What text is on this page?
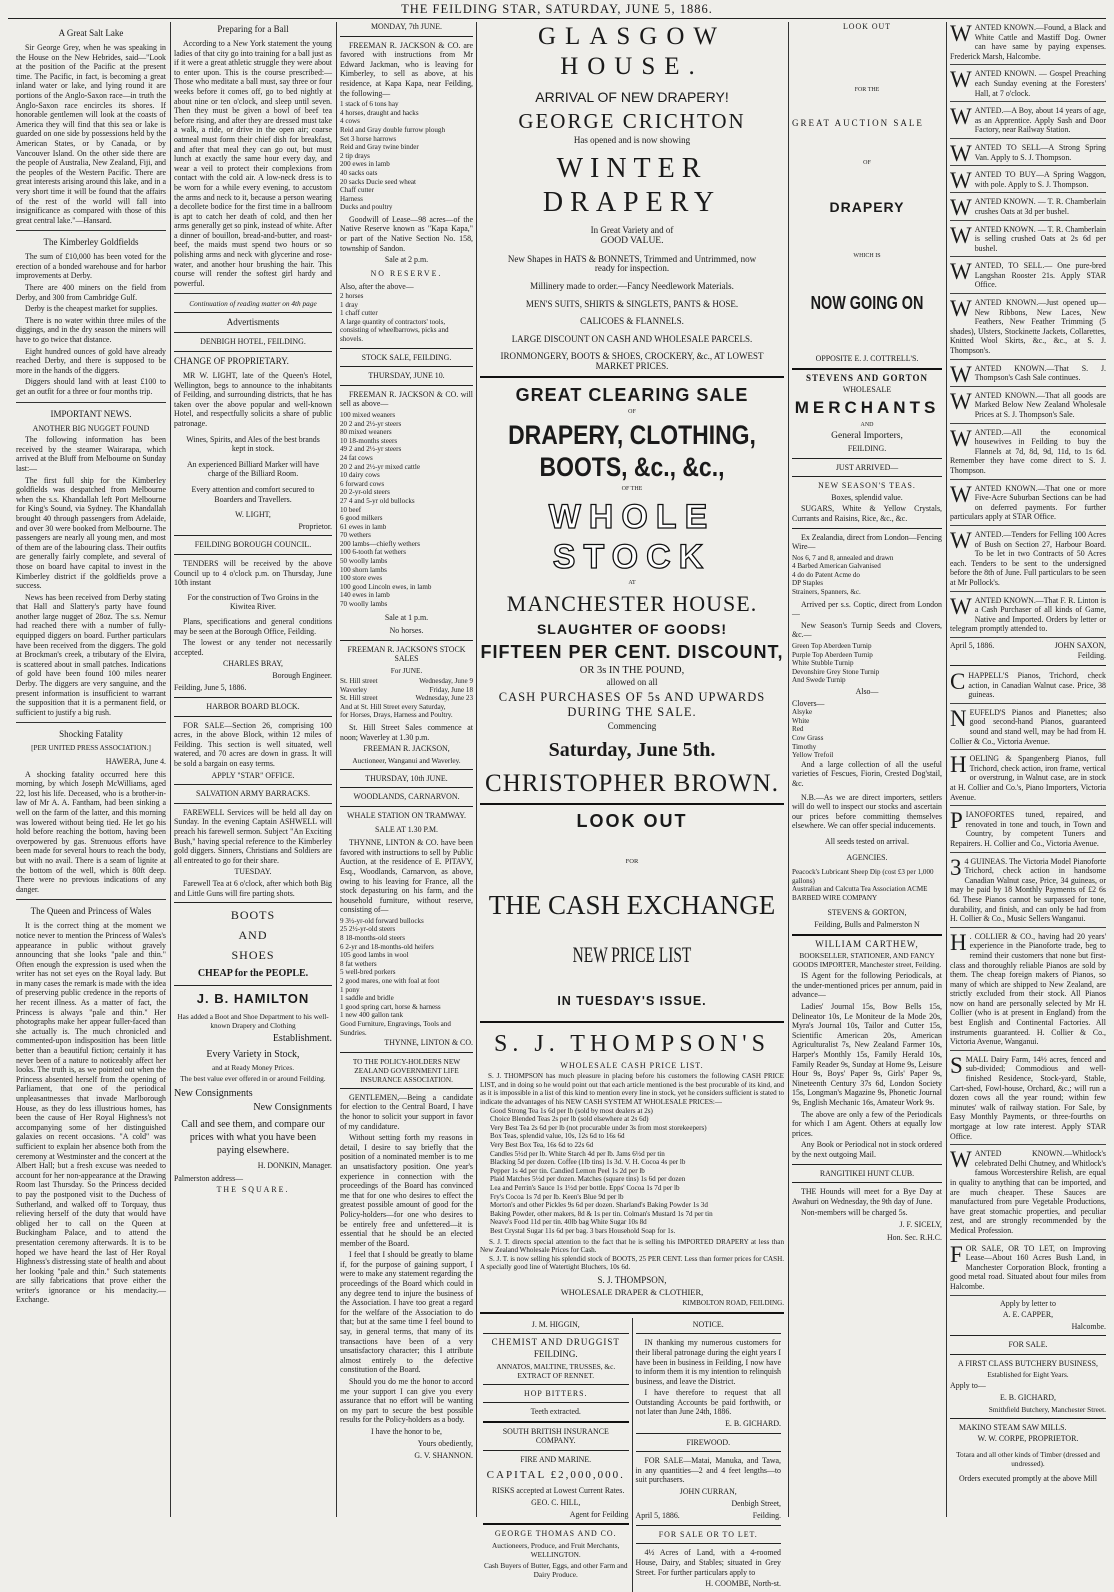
THE FEILDING STAR, SATURDAY, JUNE 5, 1886.
A Great Salt Lake
Sir George Grey, when he was speaking in the House on the New Hebrides, said—"Look at the position of the Pacific at the present time. The Pacific, in fact, is becoming a great inland water or lake, and lying round it are portions of the Anglo-Saxon race—in truth the Anglo-Saxon race encircles its shores. If honorable gentlemen will look at the coasts of America they will find that this sea or lake is guarded on one side by possessions held by the American States, or by Canada, or by Vancouver Island. On the other side there are the people of Australia, New Zealand, Fiji, and the peoples of the Western Pacific. There are great interests arising around this lake, and in a very short time it will be found that the affairs of the rest of the world will fall into insignificance as compared with those of this great central lake."—Hansard.
The Kimberley Goldfields
The sum of £10,000 has been voted for the erection of a bonded warehouse and for harbor improvements at Derby.
There are 400 miners on the field from Derby, and 300 from Cambridge Gulf.
Derby is the cheapest market for supplies.
There is no water within three miles of the diggings, and in the dry season the miners will have to go twice that distance.
Eight hundred ounces of gold have already reached Derby, and there is supposed to be more in the hands of the diggers.
Diggers should land with at least £100 to get an outfit for a three or four months trip.
IMPORTANT NEWS.
ANOTHER BIG NUGGET FOUND
The following information has been received by the steamer Wairarapa, which arrived at the Bluff from Melbourne on Sunday last:—
The first full ship for the Kimberley goldfields was despatched from Melbourne when the s.s. Khandallah left Port Melbourne for King's Sound, via Sydney. The Khandallah brought 40 through passengers from Adelaide, and over 30 were booked from Melbourne. The passengers are nearly all young men, and most of them are of the labouring class. Their outfits are generally fairly complete, and several of those on board have capital to invest in the Kimberley district if the goldfields prove a success.
News has been received from Derby stating that Hall and Slattery's party have found another large nugget of 28oz. The s.s. Nemur had reached there with a number of fully-equipped diggers on board. Further particulars have been received from the diggers. The gold at Brockman's creek, a tributary of the Elvira, is scattered about in small patches. Indications of gold have been found 100 miles nearer Derby. The diggers are very sanguine, and the present information is insufficient to warrant the supposition that it is a permanent field, or sufficient to justify a big rush.
Shocking Fatality
[PER UNITED PRESS ASSOCIATION.]
HAWERA, June 4.
A shocking fatality occurred here this morning, by which Joseph McWilliams, aged 22, lost his life. Deceased, who is a brother-in-law of Mr A. A. Fantham, had been sinking a well on the farm of the latter, and this morning was lowered without being tied. He let go his hold before reaching the bottom, having been overpowered by gas. Strenuous efforts have been made for several hours to reach the body, but with no avail. There is a seam of lignite at the bottom of the well, which is 80ft deep. There were no previous indications of any danger.
The Queen and Princess of Wales
It is the correct thing at the moment we notice never to mention the Princess of Wales's appearance in public without gravely announcing that she looks "pale and thin." Often enough the expression is used when the writer has not set eyes on the Royal lady. But in many cases the remark is made with the idea of preserving public credence in the reports of her recent illness. As a matter of fact, the Princess is always "pale and thin." Her photographs make her appear fuller-faced than she actually is. The much chronicled and commented-upon indisposition has been little better than a beautiful fiction; certainly it has never been of a nature to noticeably affect her looks. The truth is, as we pointed out when the Princess absented herself from the opening of Parliament, that one of the periodical unpleasantnesses that invade Marlborough House, as they do less illustrious homes, has been the cause of Her Royal Highness's not accompanying some of her distinguished galaxies on recent occasions. "A cold" was sufficient to explain her absence both from the ceremony at Westminster and the concert at the Albert Hall; but a fresh excuse was needed to account for her non-appearance at the Drawing Room last Thursday. So the Princess decided to pay the postponed visit to the Duchess of Sutherland, and walked off to Torquay, thus relieving herself of the duty that would have obliged her to call on the Queen at Buckingham Palace, and to attend the presentation ceremony afterwards. It is to be hoped we have heard the last of Her Royal Highness's distressing state of health and about her looking "pale and thin." Such statements are silly fabrications that prove either the writer's ignorance or his mendacity.—Exchange.
Preparing for a Ball
According to a New York statement the young ladies of that city go into training for a ball just as if it were a great athletic struggle they were about to enter upon. This is the course prescribed:—Those who meditate a ball must, say three or four weeks before it comes off, go to bed nightly at about nine or ten o'clock, and sleep until seven. Then they must be given a bowl of beef tea before rising, and after they are dressed must take a walk, a ride, or drive in the open air; coarse oatmeal must form their chief dish for breakfast, and after that meal they can go out, but must lunch at exactly the same hour every day, and wear a veil to protect their complexions from contact with the cold air. A low-neck dress is to be worn for a while every evening, to accustom the arms and neck to it, because a person wearing a decollete bodice for the first time in a ballroom is apt to catch her death of cold, and then her arms generally get so pink, instead of white. After a dinner of bouillon, bread-and-butter, and roast-beef, the maids must spend two hours or so polishing arms and neck with glycerine and rose-water, and another hour brushing the hair. This course will render the softest girl hardy and powerful.
Continuation of reading matter on 4th page
Advertisments
DENBIGH HOTEL, FEILDING.
CHANGE OF PROPRIETARY.
MR W. LIGHT, late of the Queen's Hotel, Wellington, begs to announce to the inhabitants of Feilding, and surrounding districts, that he has taken over the above popular and well-known Hotel, and respectfully solicits a share of public patronage.
Wines, Spirits, and Ales of the best brands kept in stock.
An experienced Billiard Marker will have charge of the Billiard Room.
Every attention and comfort secured to Boarders and Travellers.
W. LIGHT,
Proprietor.
FEILDING BOROUGH COUNCIL.
TENDERS will be received by the above Council up to 4 o'clock p.m. on Thursday, June 10th instant
For the construction of Two Groins in the Kiwitea River.
Plans, specifications and general conditions may be seen at the Borough Office, Feilding.
The lowest or any tender not necessarily accepted.
CHARLES BRAY,
Borough Engineer.
Feilding, June 5, 1886.
HARBOR BOARD BLOCK.
FOR SALE—Section 26, comprising 100 acres, in the above Block, within 12 miles of Feilding. This section is well situated, well watered, and 70 acres are down in grass. It will be sold a bargain on easy terms.
APPLY "STAR" OFFICE.
SALVATION ARMY BARRACKS.
FAREWELL Services will be held all day on Sunday. In the evening Captain ASHWELL will preach his farewell sermon. Subject "An Exciting Bush," having special reference to the Kimberley gold diggers. Sinners, Christians and Soldiers are all entreated to go for their share.
TUESDAY.
Farewell Tea at 6 o'clock, after which both Big and Little Guns will fire parting shots.
BOOTS
AND
SHOES
CHEAP for the PEOPLE.
J. B. HAMILTON
Has added a Boot and Shoe Department to his well-known Drapery and Clothing
Establishment.
Every Variety in Stock,
and at Ready Money Prices.
The best value ever offered in or around Feilding.
New Consignments
New Consignments
Call and see them, and compare our prices with what you have been paying elsewhere.
H. DONKIN, Manager.
Palmerston address—
THE SQUARE.
MONDAY, 7th JUNE.
FREEMAN R. JACKSON & CO. are favored with instructions from Mr Edward Jackman, who is leaving for Kimberley, to sell as above, at his residence, at Kapa Kapa, near Feilding, the following—
1 stack of 6 tons hay
4 horses, draught and hacks
4 cows
Reid and Gray double furrow plough
Set 3 horse harrows
Reid and Gray twine binder
2 tip drays
200 ewes in lamb
40 sacks oats
20 sacks Ducie seed wheat
Chaff cutter
Harness
Ducks and poultry
Goodwill of Lease—98 acres—of the Native Reserve known as "Kapa Kapa," or part of the Native Section No. 158, township of Sandon.
Sale at 2 p.m.
NO RESERVE.
Also, after the above—
2 horses
1 dray
1 chaff cutter
A large quantity of contractors' tools, consisting of wheelbarrows, picks and shovels.
STOCK SALE, FEILDING.
THURSDAY, JUNE 10.
FREEMAN R. JACKSON & CO. will sell as above—
100 mixed weaners
20 2 and 2½-yr steers
80 mixed weaners
10 18-months steers
49 2 and 2½-yr steers
24 fat cows
20 2 and 2½-yr mixed cattle
10 dairy cows
6 forward cows
20 2-yr-old steers
27 4 and 5-yr old bullocks
10 beef
6 good milkers
61 ewes in lamb
70 wethers
200 lambs—chiefly wethers
100 6-tooth fat wethers
50 woolly lambs
100 shorn lambs
100 store ewes
100 good Lincoln ewes, in lamb
140 ewes in lamb
70 woolly lambs
Sale at 1 p.m.
No horses.
FREEMAN R. JACKSON'S STOCK SALES
For JUNE.
St. Hill street	Wednesday, June 9
Waverley	Friday, June 18
St. Hill street	Wednesday, June 23
And at St. Hill Street every Saturday,
for Horses, Drays, Harness and Poultry.
St. Hill Street Sales commence at noon; Waverley at 1.30 p.m.
FREEMAN R. JACKSON,
Auctioneer, Wanganui and Waverley.
THURSDAY, 10th JUNE.
WOODLANDS, CARNARVON.
WHALE STATION ON TRAMWAY.
SALE AT 1.30 P.M.
THYNNE, LINTON & CO. have been favored with instructions to sell by Public Auction, at the residence of E. PITAVY, Esq., Woodlands, Carnarvon, as above, owing to his leaving for France, all the stock depasturing on his farm, and the household furniture, without reserve, consisting of—
9 3½-yr-old forward bullocks
25 2½-yr-old steers
8 18-months-old steers
6 2-yr and 18-months-old heifers
105 good lambs in wool
8 fat wethers
5 well-bred porkers
2 good mares, one with foal at foot
1 pony
1 saddle and bridle
1 good spring cart, horse & harness
1 new 400 gallon tank
Good Furniture, Engravings, Tools and Sundries.
THYNNE, LINTON & CO.
TO THE POLICY-HOLDERS NEW ZEALAND GOVERNMENT LIFE INSURANCE ASSOCIATION.
GENTLEMEN,—Being a candidate for election to the Central Board, I have the honor to solicit your support in favor of my candidature.
Without setting forth my reasons in detail, I desire to say briefly that the position of a nominated member is to me an unsatisfactory position. One year's experience in connection with the proceedings of the Board has convinced me that for one who desires to effect the greatest possible amount of good for the Policy-holders—for one who desires to be entirely free and unfettered—it is essential that he should be an elected member of the Board.
I feel that I should be greatly to blame if, for the purpose of gaining support, I were to make any statement regarding the proceedings of the Board which could in any degree tend to injure the business of the Association. I have too great a regard for the welfare of the Association to do that; but at the same time I feel bound to say, in general terms, that many of its transactions have been of a very unsatisfactory character; this I attribute almost entirely to the defective constitution of the Board.
Should you do me the honor to accord me your support I can give you every assurance that no effort will be wanting on my part to secure the best possible results for the Policy-holders as a body.
I have the honor to be,
Yours obediently,
G. V. SHANNON.
GLASGOW HOUSE.
ARRIVAL OF NEW DRAPERY!
GEORGE CRICHTON
Has opened and is now showing
WINTER DRAPERY
In Great Variety and of
GOOD VALUE.
New Shapes in HATS & BONNETS, Trimmed and Untrimmed, now ready for inspection.
Millinery made to order.—Fancy Needlework Materials.
MEN'S SUITS, SHIRTS & SINGLETS, PANTS & HOSE.
CALICOES & FLANNELS.
LARGE DISCOUNT ON CASH AND WHOLESALE PARCELS.
IRONMONGERY, BOOTS & SHOES, CROCKERY, &c., AT LOWEST MARKET PRICES.
GREAT CLEARING SALE
OF
DRAPERY, CLOTHING, BOOTS, &c., &c.,
OF THE
WHOLE STOCK
AT
MANCHESTER HOUSE.
SLAUGHTER OF GOODS!
FIFTEEN PER CENT. DISCOUNT,
OR 3s IN THE POUND,
allowed on all
CASH PURCHASES OF 5s AND UPWARDS DURING THE SALE.
Commencing
Saturday, June 5th.
CHRISTOPHER BROWN.
LOOK OUT
FOR
THE CASH EXCHANGE
NEW PRICE LIST
IN TUESDAY'S ISSUE.
S. J. THOMPSON'S
WHOLESALE CASH PRICE LIST.
S. J. THOMPSON has much pleasure in placing before his customers the following CASH PRICE LIST, and in doing so he would point out that each article mentioned is the best procurable of its kind, and as it is impossible in a list of this kind to mention every line in stock, yet he considers sufficient is stated to indicate the advantages of his NEW CASH SYSTEM AT WHOLESALE PRICES:—
Good Strong Tea 1s 6d per lb (sold by most dealers at 2s)
Choice Blended Teas 2s per lb (sold elsewhere at 2s 6d)
Very Best Tea 2s 6d per lb (not procurable under 3s from most storekeepers)
Box Teas, splendid value, 10s, 12s 6d to 16s 6d
Very Best Box Tea, 16s 6d to 22s 6d
Candles 5½d per lb. White Starch 4d per lb. Jams 6½d per tin
Blacking 5d per dozen. Coffee (1lb tins) 1s 3d. V. H. Cocoa 4s per lb
Pepper 1s 4d per tin. Candied Lemon Peel 1s 2d per lb
Plaid Matches 5½d per dozen. Matches (square tins) 1s 6d per dozen
Lea and Perrin's Sauce 1s 1½d per bottle. Epps' Cocoa 1s 7d per lb
Fry's Cocoa 1s 7d per lb. Keen's Blue 9d per lb
Morton's and other Pickles 9s 6d per dozen. Sharland's Baking Powder 1s 3d
Baking Powder, other makers, 8d & 1s per tin. Colman's Mustard 1s 7d per tin
Neave's Food 11d per tin. 40lb bag White Sugar 10s 8d
Best Crystal Sugar 11s 6d per bag. 3 bars Household Soap for 1s.
S. J. T. directs special attention to the fact that he is selling his IMPORTED DRAPERY at less than New Zealand Wholesale Prices for Cash.
S. J. T. is now selling his splendid stock of BOOTS, 25 PER CENT. Less than former prices for CASH. A specially good line of Watertight Bluchers, 10s 6d.
S. J. THOMPSON,
WHOLESALE DRAPER & CLOTHIER,
KIMBOLTON ROAD, FEILDING.
J. M. HIGGIN,
CHEMIST AND DRUGGIST
FEILDING.
ANNATOS, MALTINE, TRUSSES, &c. EXTRACT OF RENNET.
HOP BITTERS.
Teeth extracted.
SOUTH BRITISH INSURANCE COMPANY.
FIRE AND MARINE.
CAPITAL £2,000,000.
RISKS accepted at Lowest Current Rates.
GEO. C. HILL,
Agent for Feilding
GEORGE THOMAS AND CO.
Auctioneers, Produce, and Fruit Merchants, WELLINGTON.
Cash Buyers of Butter, Eggs, and other Farm and Dairy Produce.
NOTICE.
IN thanking my numerous customers for their liberal patronage during the eight years I have been in business in Feilding, I now have to inform them it is my intention to relinquish business, and leave the District.
I have therefore to request that all Outstanding Accounts be paid forthwith, or not later than June 24th, 1886.
E. B. GICHARD.
FIREWOOD.
FOR SALE—Matai, Manuka, and Tawa, in any quantities—2 and 4 feet lengths—to suit purchasers.
JOHN CURRAN,
Denbigh Street,
April 5, 1886.	Feilding.
FOR SALE OR TO LET.
4½ Acres of Land, with a 4-roomed House, Dairy, and Stables; situated in Grey Street. For further particulars apply to
H. COOMBE, North-st.
LOOK OUT
FOR THE
GREAT AUCTION SALE
OF
DRAPERY
WHICH IS
NOW GOING ON
OPPOSITE E. J. COTTRELL'S.
STEVENS AND GORTON
WHOLESALE
MERCHANTS
AND
General Importers,
FEILDING.
JUST ARRIVED—
NEW SEASON'S TEAS.
Boxes, splendid value.
SUGARS, White & Yellow Crystals, Currants and Raisins, Rice, &c., &c.
Ex Zealandia, direct from London—Fencing Wire—
Nos 6, 7 and 8, annealed and drawn
4 Barbed American Galvanised
4 do do Patent Acme do
DP Staples
Strainers, Spanners, &c.
Arrived per s.s. Coptic, direct from London—
New Season's Turnip Seeds and Clovers, &c.—
Green Top Aberdeen Turnip
Purple Top Aberdeen Turnip
White Stubble Turnip
Devonshire Grey Stone Turnip
And Swede Turnip
Also—
Clovers—
Alsyke
White
Red
Cow Grass
Timothy
Yellow Trefoil
And a large collection of all the useful varieties of Fescues, Fiorin, Crested Dog'stail, &c.
N.B.—As we are direct importers, settlers will do well to inspect our stocks and ascertain our prices before committing themselves elsewhere. We can offer special inducements.
All seeds tested on arrival.
AGENCIES.
Peacock's Lubricant Sheep Dip (cost £3 per 1,000 gallons)
Australian and Calcutta Tea Association ACME BARBED WIRE COMPANY
STEVENS & GORTON,
Feilding, Bulls and Palmerston N
WILLIAM CARTHEW,
BOOKSELLER, STATIONER, AND FANCY GOODS IMPORTER, Manchester street, Feilding.
IS Agent for the following Periodicals, at the under-mentioned prices per annum, paid in advance—
Ladies' Journal 15s, Bow Bells 15s, Delineator 10s, Le Moniteur de la Mode 20s, Myra's Journal 10s, Tailor and Cutter 15s, Scientific American 20s, American Agriculturalist 7s, New Zealand Farmer 10s, Harper's Monthly 15s, Family Herald 10s, Family Reader 9s, Sunday at Home 9s, Leisure Hour 9s, Boys' Paper 9s, Girls' Paper 9s, Nineteenth Century 37s 6d, London Society 15s, Longman's Magazine 9s, Phonetic Journal 9s, English Mechanic 16s, Amateur Work 9s.
The above are only a few of the Periodicals for which I am Agent. Others at equally low prices.
Any Book or Periodical not in stock ordered by the next outgoing Mail.
RANGITIKEI HUNT CLUB.
THE Hounds will meet for a Bye Day at Awahuri on Wednesday, the 9th day of June.
Non-members will be charged 5s.
J. F. SICELY,
Hon. Sec. R.H.C.
WANTED KNOWN.—Found, a Black and White Cattle and Mastiff Dog. Owner can have same by paying expenses. Frederick Marsh, Halcombe.
WANTED KNOWN. — Gospel Preaching each Sunday evening at the Foresters' Hall, at 7 o'clock.
WANTED.—A Boy, about 14 years of age, as an Apprentice. Apply Sash and Door Factory, near Railway Station.
WANTED TO SELL—A Strong Spring Van. Apply to S. J. Thompson.
WANTED TO BUY—A Spring Waggon, with pole. Apply to S. J. Thompson.
WANTED KNOWN. — T. R. Chamberlain crushes Oats at 3d per bushel.
WANTED KNOWN. — T. R. Chamberlain is selling crushed Oats at 2s 6d per bushel.
WANTED, TO SELL.— One pure-bred Langshan Rooster 21s. Apply STAR Office.
WANTED KNOWN.—Just opened up—New Ribbons, New Laces, New Feathers, New Feather Trimming (5 shades), Ulsters, Stockinette Jackets, Collarettes, Knitted Wool Skirts, &c., &c., at S. J. Thompson's.
WANTED KNOWN.—That S. J. Thompson's Cash Sale continues.
WANTED KNOWN.—That all goods are Marked Below New Zealand Wholesale Prices at S. J. Thompson's Sale.
WANTED.—All the economical housewives in Feilding to buy the Flannels at 7d, 8d, 9d, 11d, to 1s 6d. Remember they have come direct to S. J. Thompson.
WANTED KNOWN.—That one or more Five-Acre Suburban Sections can be had on deferred payments. For further particulars apply at STAR Office.
WANTED.—Tenders for Felling 100 Acres of Bush on Section 27, Harbour Board. To be let in two Contracts of 50 Acres each. Tenders to be sent to the undersigned before the 8th of June. Full particulars to be seen at Mr Pollock's.
WANTED KNOWN.—That F. R. Linton is a Cash Purchaser of all kinds of Game, Native and Imported. Orders by letter or telegram promptly attended to.
April 5, 1886.	JOHN SAXON,
Feilding.
CHAPPELL'S Pianos, Trichord, check action, in Canadian Walnut case. Price, 38 guineas.
NEUFELD'S Pianos and Pianettes; also good second-hand Pianos, guaranteed sound and stand well, may be had from H. Collier & Co., Victoria Avenue.
HOELING & Spangenberg Pianos, full Trichord, check action, iron frame, vertical or overstrung, in Walnut case, are in stock at H. Collier and Co.'s, Piano Importers, Victoria Avenue.
PIANOFORTES tuned, repaired, and renovated in tone and touch, in Town and Country, by competent Tuners and Repairers. H. Collier and Co., Victoria Avenue.
3 4 GUINEAS. The Victoria Model Pianoforte Trichord, check action in handsome Canadian Walnut case, Price, 34 guineas, or may be paid by 18 Monthly Payments of £2 6s 6d. These Pianos cannot be surpassed for tone, durability, and finish, and can only be had from H. Collier & Co., Music Sellers Wanganui.
H . COLLIER & CO., having had 20 years' experience in the Pianoforte trade, beg to remind their customers that none but first-class and thoroughly reliable Pianos are sold by them. The cheap foreign makers of Pianos, so many of which are shipped to New Zealand, are strictly excluded from their stock. All Pianos now on hand are personally selected by Mr H. Collier (who is at present in England) from the best English and Continental Factories. All instruments guaranteed. H. Collier & Co., Victoria Avenue, Wanganui.
SMALL Dairy Farm, 14½ acres, fenced and sub-divided; Commodious and well-finished Residence, Stock-yard, Stable, Cart-shed, Fowl-house, Orchard, &c.; will run a dozen cows all the year round; within few minutes' walk of railway station. For Sale, by Easy Monthly Payments, or three-fourths on mortgage at low rate interest. Apply STAR Office.
WANTED KNOWN.—Whitlock's celebrated Delhi Chutney, and Whitlock's famous Worcestershire Relish, are equal in quality to anything that can be imported, and are much cheaper. These Sauces are manufactured from pure Vegetable Productions, have great stomachic properties, and peculiar zest, and are strongly recommended by the Medical Profession.
FOR SALE, OR TO LET, on Improving Lease—About 160 Acres Bush Land, in Manchester Corporation Block, fronting a good metal road. Situated about four miles from Halcombe.
Apply by letter to
A. E. CAPPER,
Halcombe.
FOR SALE.
A FIRST CLASS BUTCHERY BUSINESS,
Established for Eight Years.
Apply to—
E. B. GICHARD,
Smithfield Butchery, Manchester Street.
MAKINO STEAM SAW MILLS.
W. W. CORPE, PROPRIETOR.
Totara and all other kinds of Timber (dressed and undressed).
Orders executed promptly at the above Mill
